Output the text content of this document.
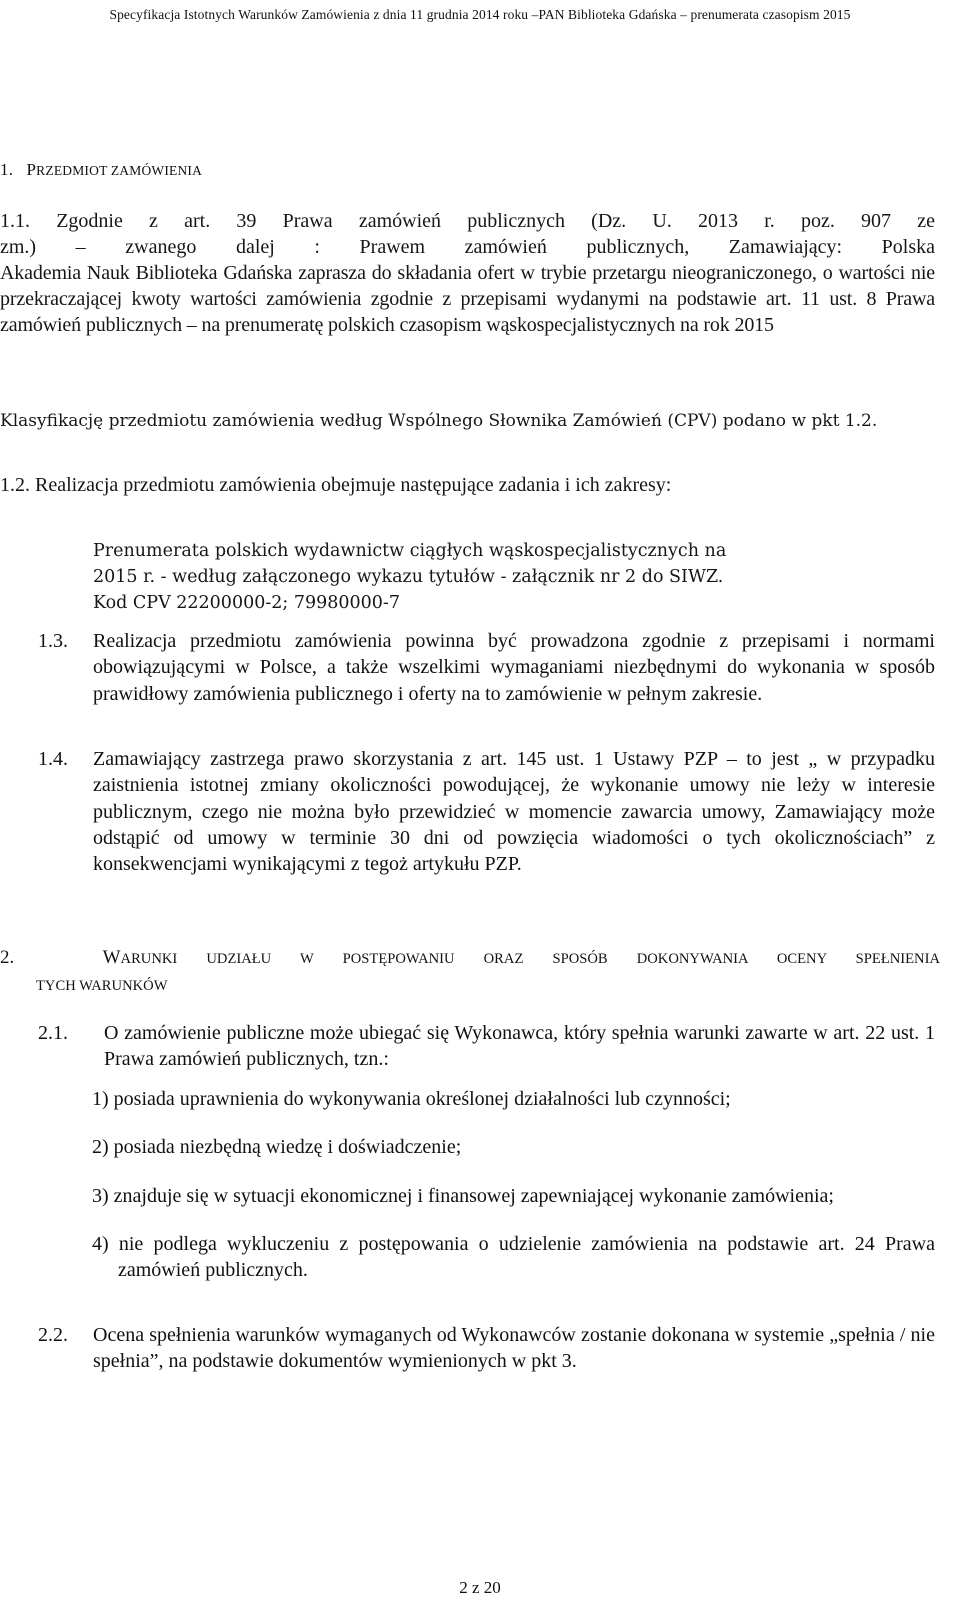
Specyfikacja Istotnych Warunków Zamówienia z dnia 11 grudnia 2014 roku –PAN Biblioteka Gdańska – prenumerata czasopism 2015
1. PRZEDMIOT ZAMÓWIENIA
1.1. Zgodnie z art. 39 Prawa zamówień publicznych (Dz. U. 2013 r. poz. 907 ze
zm.) – zwanego dalej : Prawem zamówień publicznych, Zamawiający: Polska
Akademia Nauk Biblioteka Gdańska zaprasza do składania ofert w trybie przetargu nieograniczonego, o wartości nie przekraczającej kwoty wartości zamówienia zgodnie z przepisami wydanymi na podstawie art. 11 ust. 8 Prawa zamówień publicznych – na prenumeratę polskich czasopism wąskospecjalistycznych na rok 2015
Klasyfikację przedmiotu zamówienia według Wspólnego Słownika Zamówień (CPV) podano w pkt 1.2.
1.2. Realizacja przedmiotu zamówienia obejmuje następujące zadania i ich zakresy:
Prenumerata polskich wydawnictw ciągłych wąskospecjalistycznych na
2015 r. - według załączonego wykazu tytułów - załącznik nr 2 do SIWZ.
Kod CPV 22200000-2; 79980000-7
1.3.	Realizacja przedmiotu zamówienia powinna być prowadzona zgodnie z przepisami i normami obowiązującymi w Polsce, a także wszelkimi wymaganiami niezbędnymi do wykonania w sposób prawidłowy zamówienia publicznego i oferty na to zamówienie w pełnym zakresie.
1.4.	Zamawiający zastrzega prawo skorzystania z art. 145 ust. 1 Ustawy PZP – to jest „ w przypadku zaistnienia istotnej zmiany okoliczności powodującej, że wykonanie umowy nie leży w interesie publicznym, czego nie można było przewidzieć w momencie zawarcia umowy, Zamawiający może odstąpić od umowy w terminie 30 dni od powzięcia wiadomości o tych okolicznościach” z konsekwencjami wynikającymi z tegoż artykułu PZP.
2.	WARUNKI UDZIAŁU W POSTĘPOWANIU ORAZ SPOSÓB DOKONYWANIA OCENY SPEŁNIENIA
TYCH WARUNKÓW
2.1.	O zamówienie publiczne może ubiegać się Wykonawca, który spełnia warunki zawarte w art. 22 ust. 1 Prawa zamówień publicznych, tzn.:
1) posiada uprawnienia do wykonywania określonej działalności lub czynności;
2) posiada niezbędną wiedzę i doświadczenie;
3) znajduje się w sytuacji ekonomicznej i finansowej zapewniającej wykonanie zamówienia;
4) nie podlega wykluczeniu z postępowania o udzielenie zamówienia na podstawie art. 24 Prawa zamówień publicznych.
2.2.	Ocena spełnienia warunków wymaganych od Wykonawców zostanie dokonana w systemie „spełnia / nie spełnia”, na podstawie dokumentów wymienionych w pkt 3.
2 z 20
